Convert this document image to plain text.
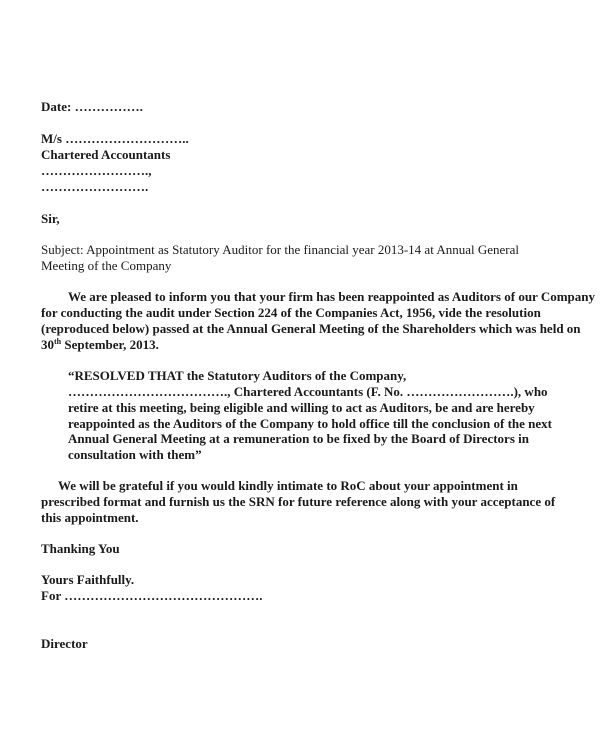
Date: …………….
M/s ………………………..
Chartered Accountants
…………………….,
…………………….
Sir,
Subject: Appointment as Statutory Auditor for the financial year 2013-14 at Annual General
Meeting of the Company
We are pleased to inform you that your firm has been reappointed as Auditors of our Company
for conducting the audit under Section 224 of the Companies Act, 1956, vide the resolution
(reproduced below) passed at the Annual General Meeting of the Shareholders which was held on
30th September, 2013.
“RESOLVED THAT the Statutory Auditors of the Company,
………………………………., Chartered Accountants (F. No. …………………….), who
retire at this meeting, being eligible and willing to act as Auditors, be and are hereby
reappointed as the Auditors of the Company to hold office till the conclusion of the next
Annual General Meeting at a remuneration to be fixed by the Board of Directors in
consultation with them”
We will be grateful if you would kindly intimate to RoC about your appointment in
prescribed format and furnish us the SRN for future reference along with your acceptance of
this appointment.
Thanking You
Yours Faithfully.
For ……………………………………….
Director
